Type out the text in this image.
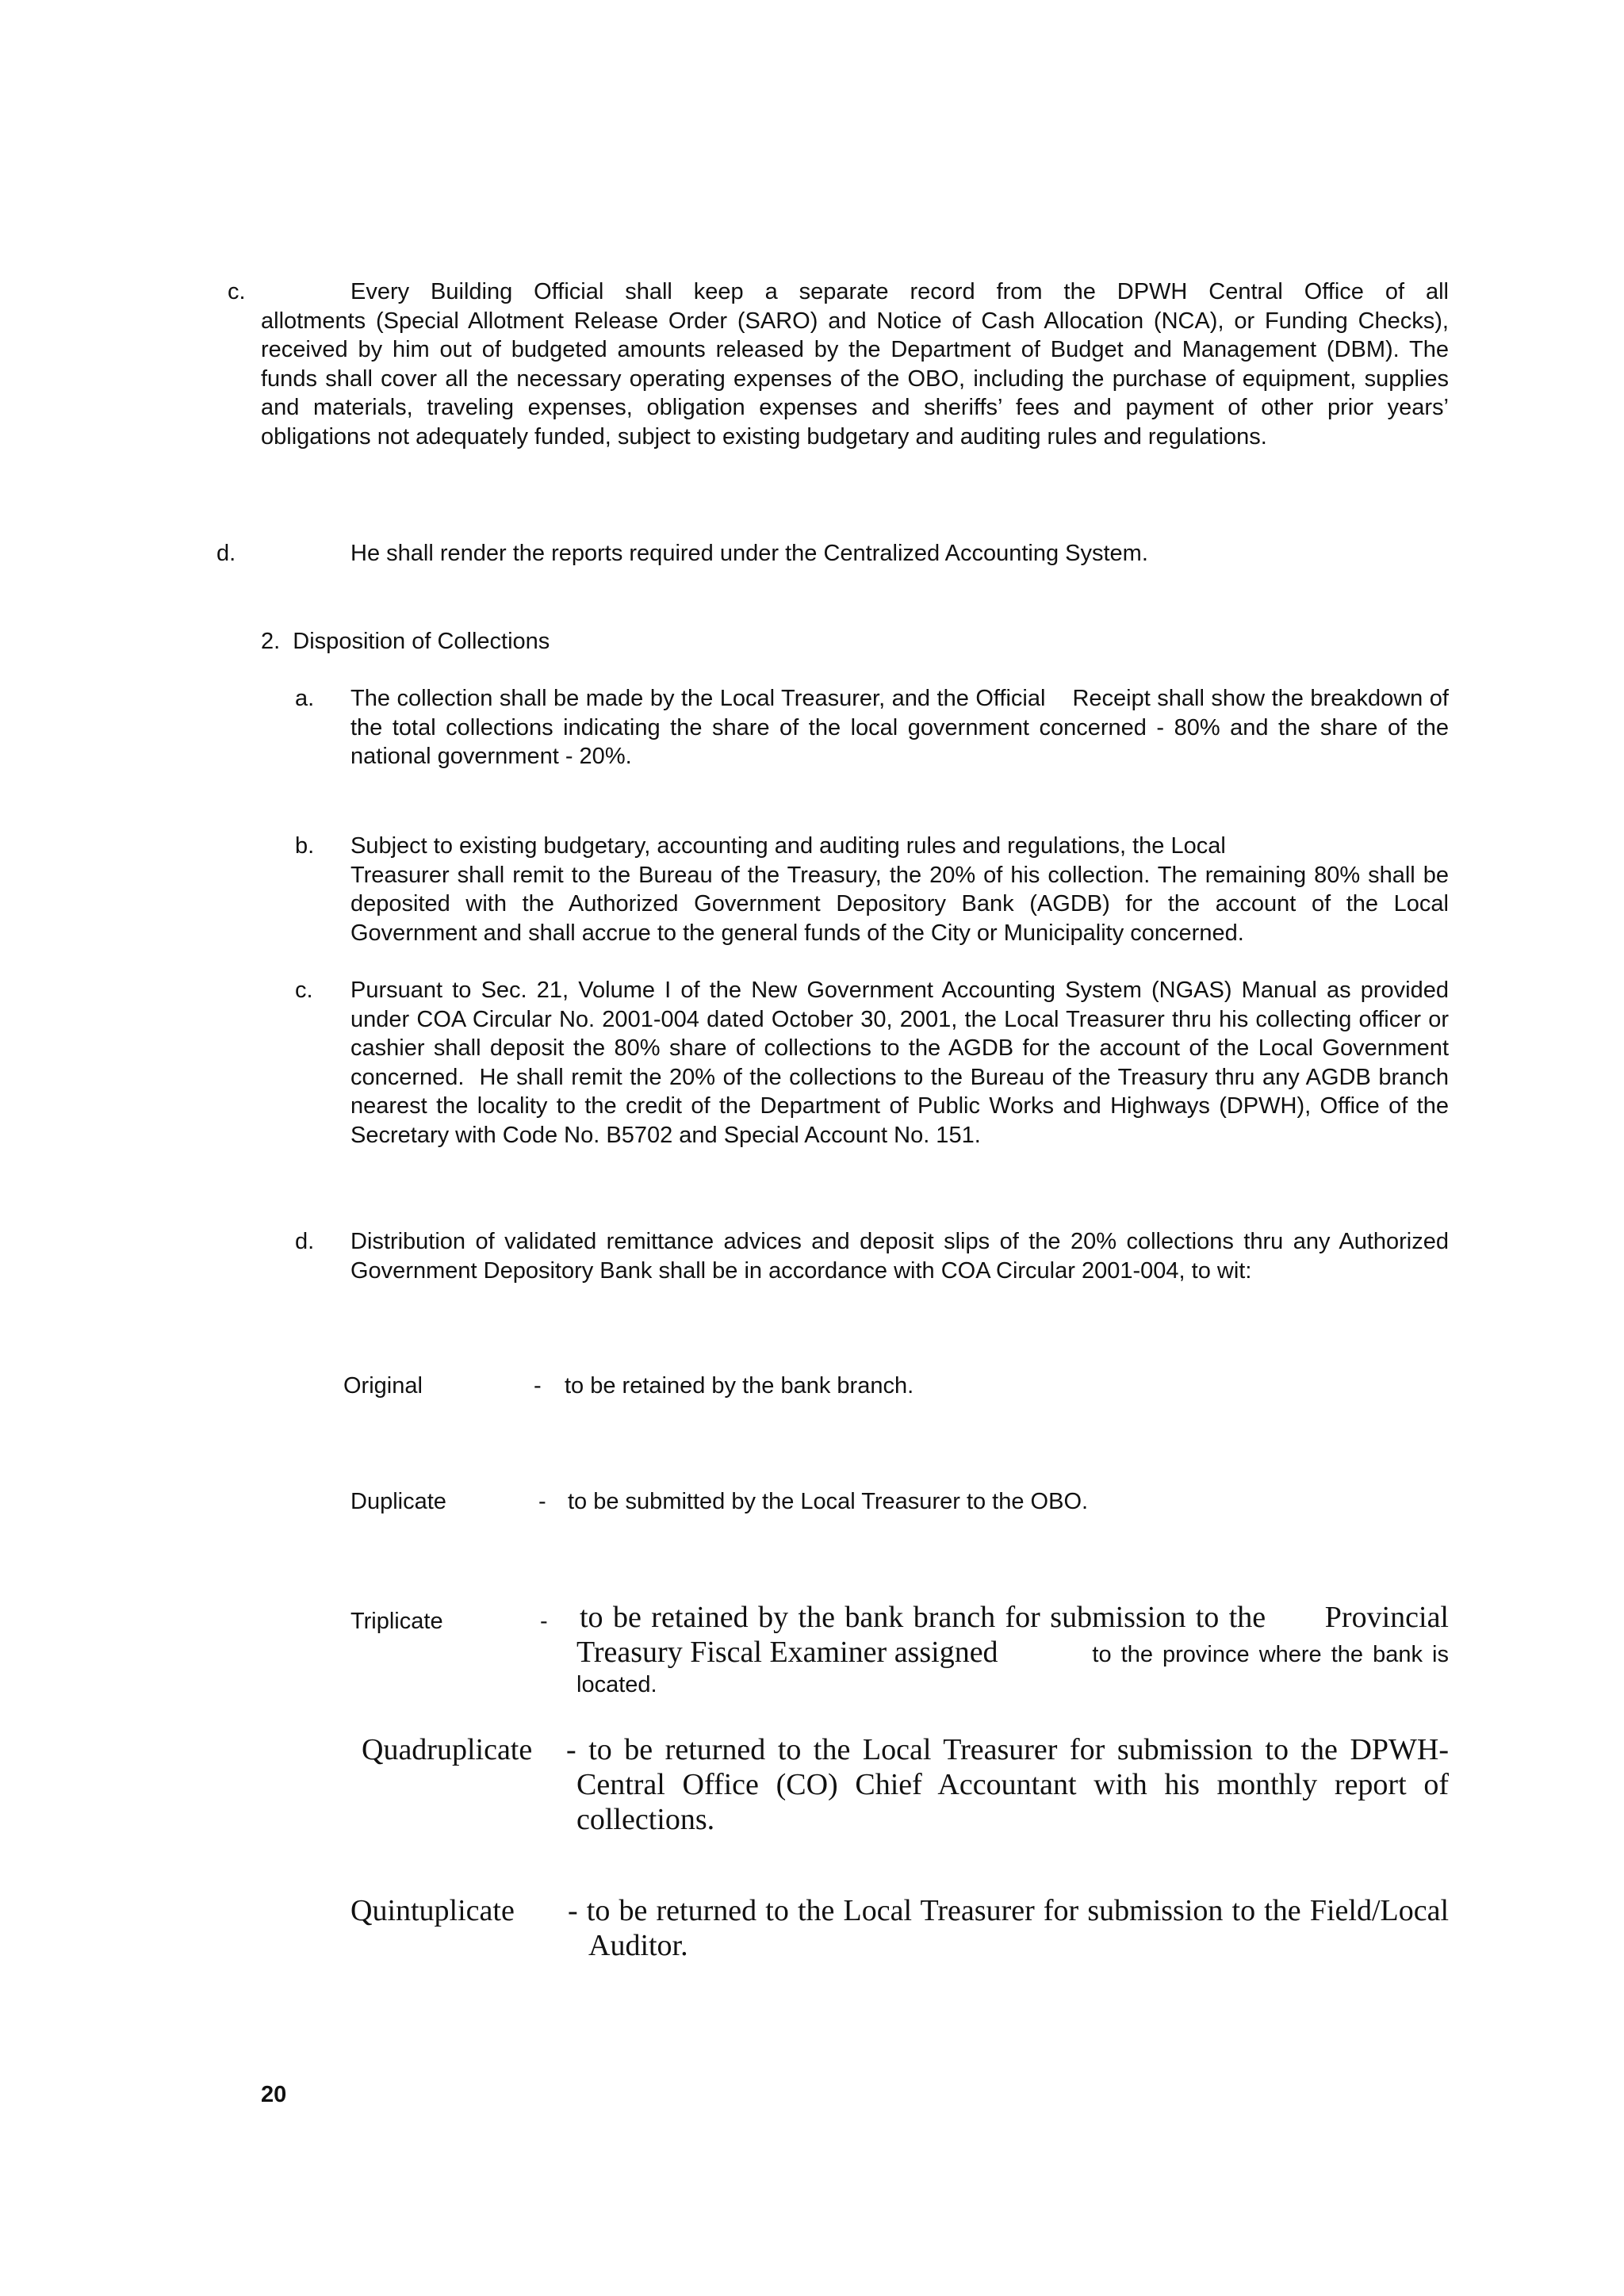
c.	Every Building Official shall keep a separate record from the DPWH Central Office of all
allotments (Special Allotment Release Order (SARO) and Notice of Cash Allocation (NCA), or Funding Checks), received by him out of budgeted amounts released by the Department of Budget and Management (DBM). The funds shall cover all the necessary operating expenses of the OBO, including the purchase of equipment, supplies and materials, traveling expenses, obligation expenses and sheriffs’ fees and payment of other prior years’ obligations not adequately funded, subject to existing budgetary and auditing rules and regulations.
d.	He shall render the reports required under the Centralized Accounting System.
2.  Disposition of Collections
a. The collection shall be made by the Local Treasurer, and the Official    Receipt shall show the breakdown of the total collections indicating the share of the local government concerned - 80% and the share of the national government - 20%.
b. Subject to existing budgetary, accounting and auditing rules and regulations, the Local
Treasurer shall remit to the Bureau of the Treasury, the 20% of his collection. The remaining 80% shall be deposited with the Authorized Government Depository Bank (AGDB) for the account of the Local Government and shall accrue to the general funds of the City or Municipality concerned.
c. Pursuant to Sec. 21, Volume I of the New Government Accounting System (NGAS) Manual as provided under COA Circular No. 2001-004 dated October 30, 2001, the Local Treasurer thru his collecting officer or cashier shall deposit the 80% share of collections to the AGDB for the account of the Local Government concerned.  He shall remit the 20% of the collections to the Bureau of the Treasury thru any AGDB branch nearest the locality to the credit of the Department of Public Works and Highways (DPWH), Office of the Secretary with Code No. B5702 and Special Account No. 151.
d. Distribution of validated remittance advices and deposit slips of the 20% collections thru any Authorized Government Depository Bank shall be in accordance with COA Circular 2001-004, to wit:
Original	- to be retained by the bank branch.
Duplicate	- to be submitted by the Local Treasurer to the OBO.
Triplicate	- to be retained by the bank branch for submission to the      Provincial
Treasury Fiscal Examiner assigned	to the province where the bank is
located.
Quadruplicate - to be returned to the Local Treasurer for submission to the DPWH-
Central Office (CO) Chief Accountant with his monthly report of collections.
Quintuplicate - to be returned to the Local Treasurer for submission to the Field/Local
Auditor.
20
